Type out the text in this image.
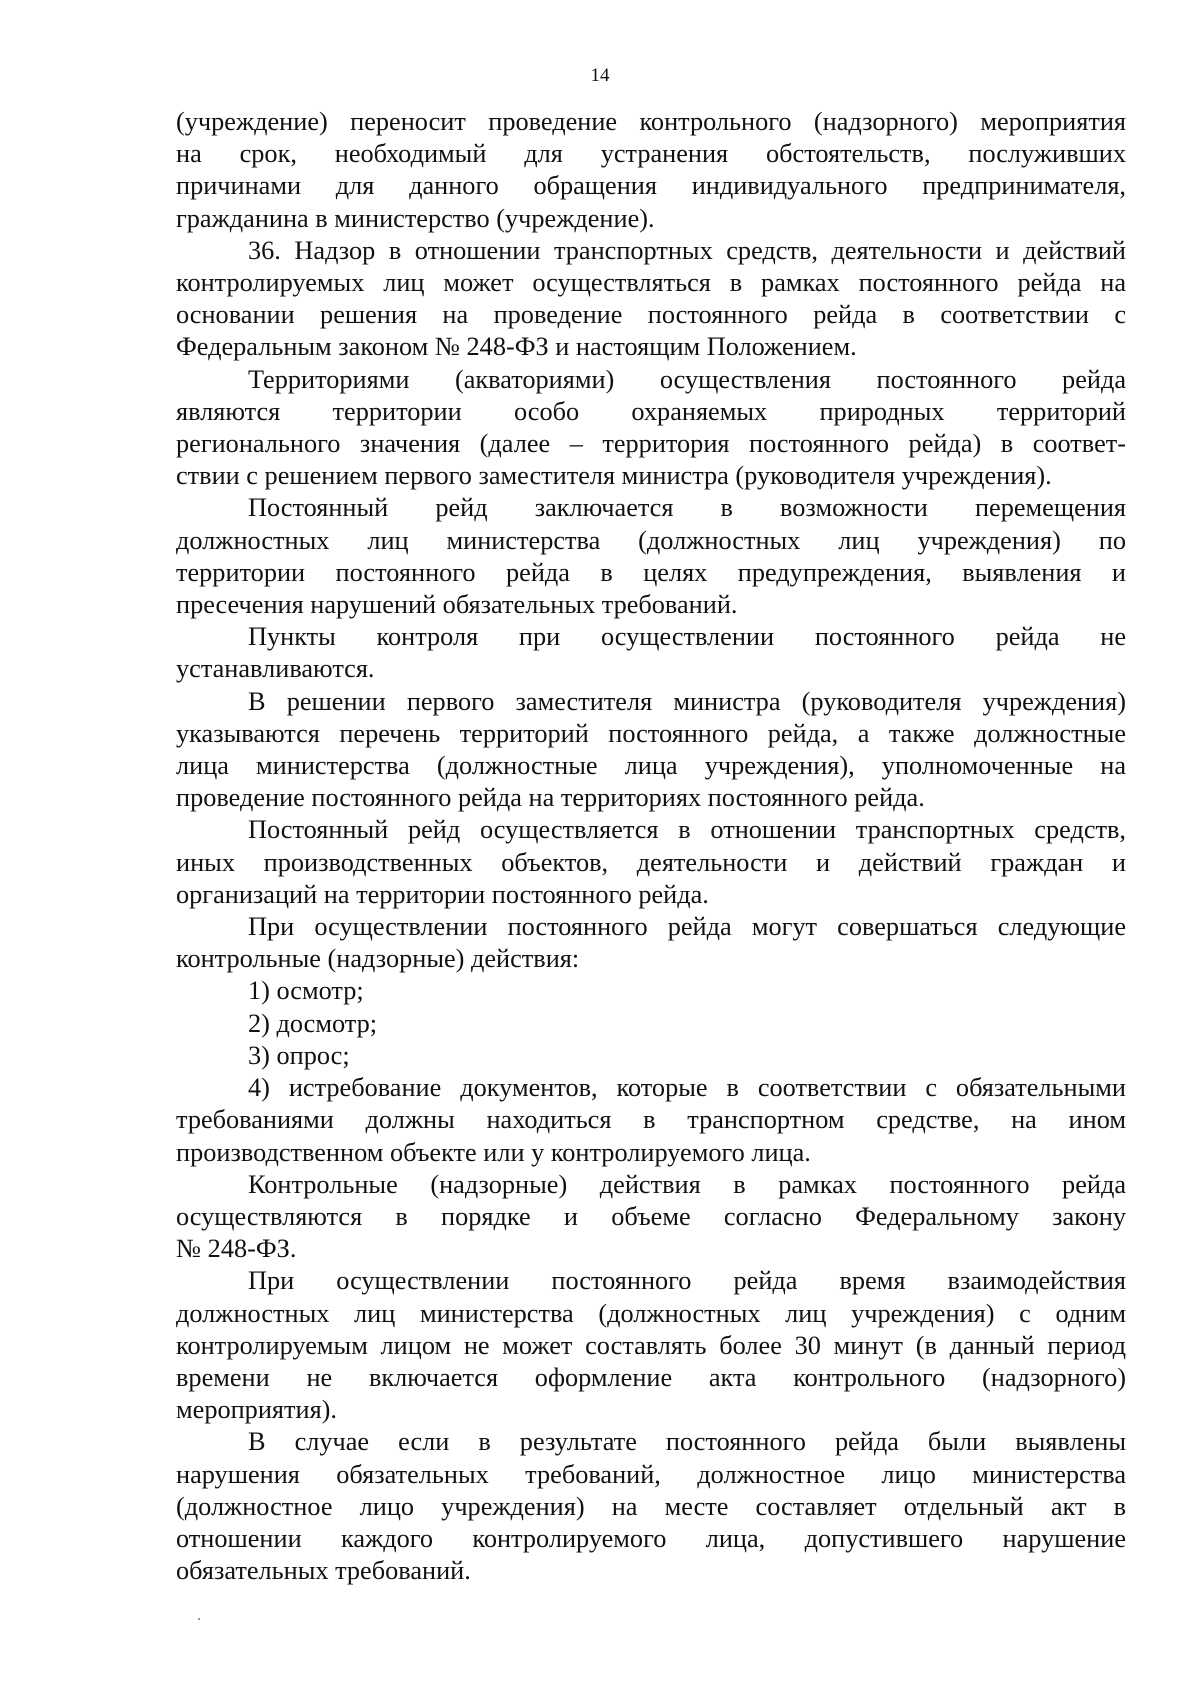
14

(учреждение) переносит проведение контрольного (надзорного) мероприятия
на срок, необходимый для устранения обстоятельств, послуживших
причинами для данного обращения индивидуального предпринимателя,
гражданина в министерство (учреждение).

36. Надзор в отношении транспортных средств, деятельности и действий
контролируемых лиц может осуществляться в рамках постоянного рейда на
основании решения на проведение постоянного рейда в соответствии с
Федеральным законом № 248-ФЗ и настоящим Положением.

Территориями (акваториями) осуществления постоянного рейда
являются территории особо охраняемых природных территорий
регионального значения (далее – территория постоянного рейда) в соответ-
ствии с решением первого заместителя министра (руководителя учреждения).

Постоянный рейд заключается в возможности перемещения
должностных лиц министерства (должностных лиц учреждения) по
территории постоянного рейда в целях предупреждения, выявления и
пресечения нарушений обязательных требований.

Пункты контроля при осуществлении постоянного рейда не
устанавливаются.

В решении первого заместителя министра (руководителя учреждения)
указываются перечень территорий постоянного рейда, а также должностные
лица министерства (должностные лица учреждения), уполномоченные на
проведение постоянного рейда на территориях постоянного рейда.

Постоянный рейд осуществляется в отношении транспортных средств,
иных производственных объектов, деятельности и действий граждан и
организаций на территории постоянного рейда.

При осуществлении постоянного рейда могут совершаться следующие
контрольные (надзорные) действия:

1) осмотр;
2) досмотр;
3) опрос;

4) истребование документов, которые в соответствии с обязательными
требованиями должны находиться в транспортном средстве, на ином
производственном объекте или у контролируемого лица.

Контрольные (надзорные) действия в рамках постоянного рейда
осуществляются в порядке и объеме согласно Федеральному закону
№ 248-ФЗ.

При осуществлении постоянного рейда время взаимодействия
должностных лиц министерства (должностных лиц учреждения) с одним
контролируемым лицом не может составлять более 30 минут (в данный период
времени не включается оформление акта контрольного (надзорного)
мероприятия).

В случае если в результате постоянного рейда были выявлены
нарушения обязательных требований, должностное лицо министерства
(должностное лицо учреждения) на месте составляет отдельный акт в
отношении каждого контролируемого лица, допустившего нарушение
обязательных требований.
